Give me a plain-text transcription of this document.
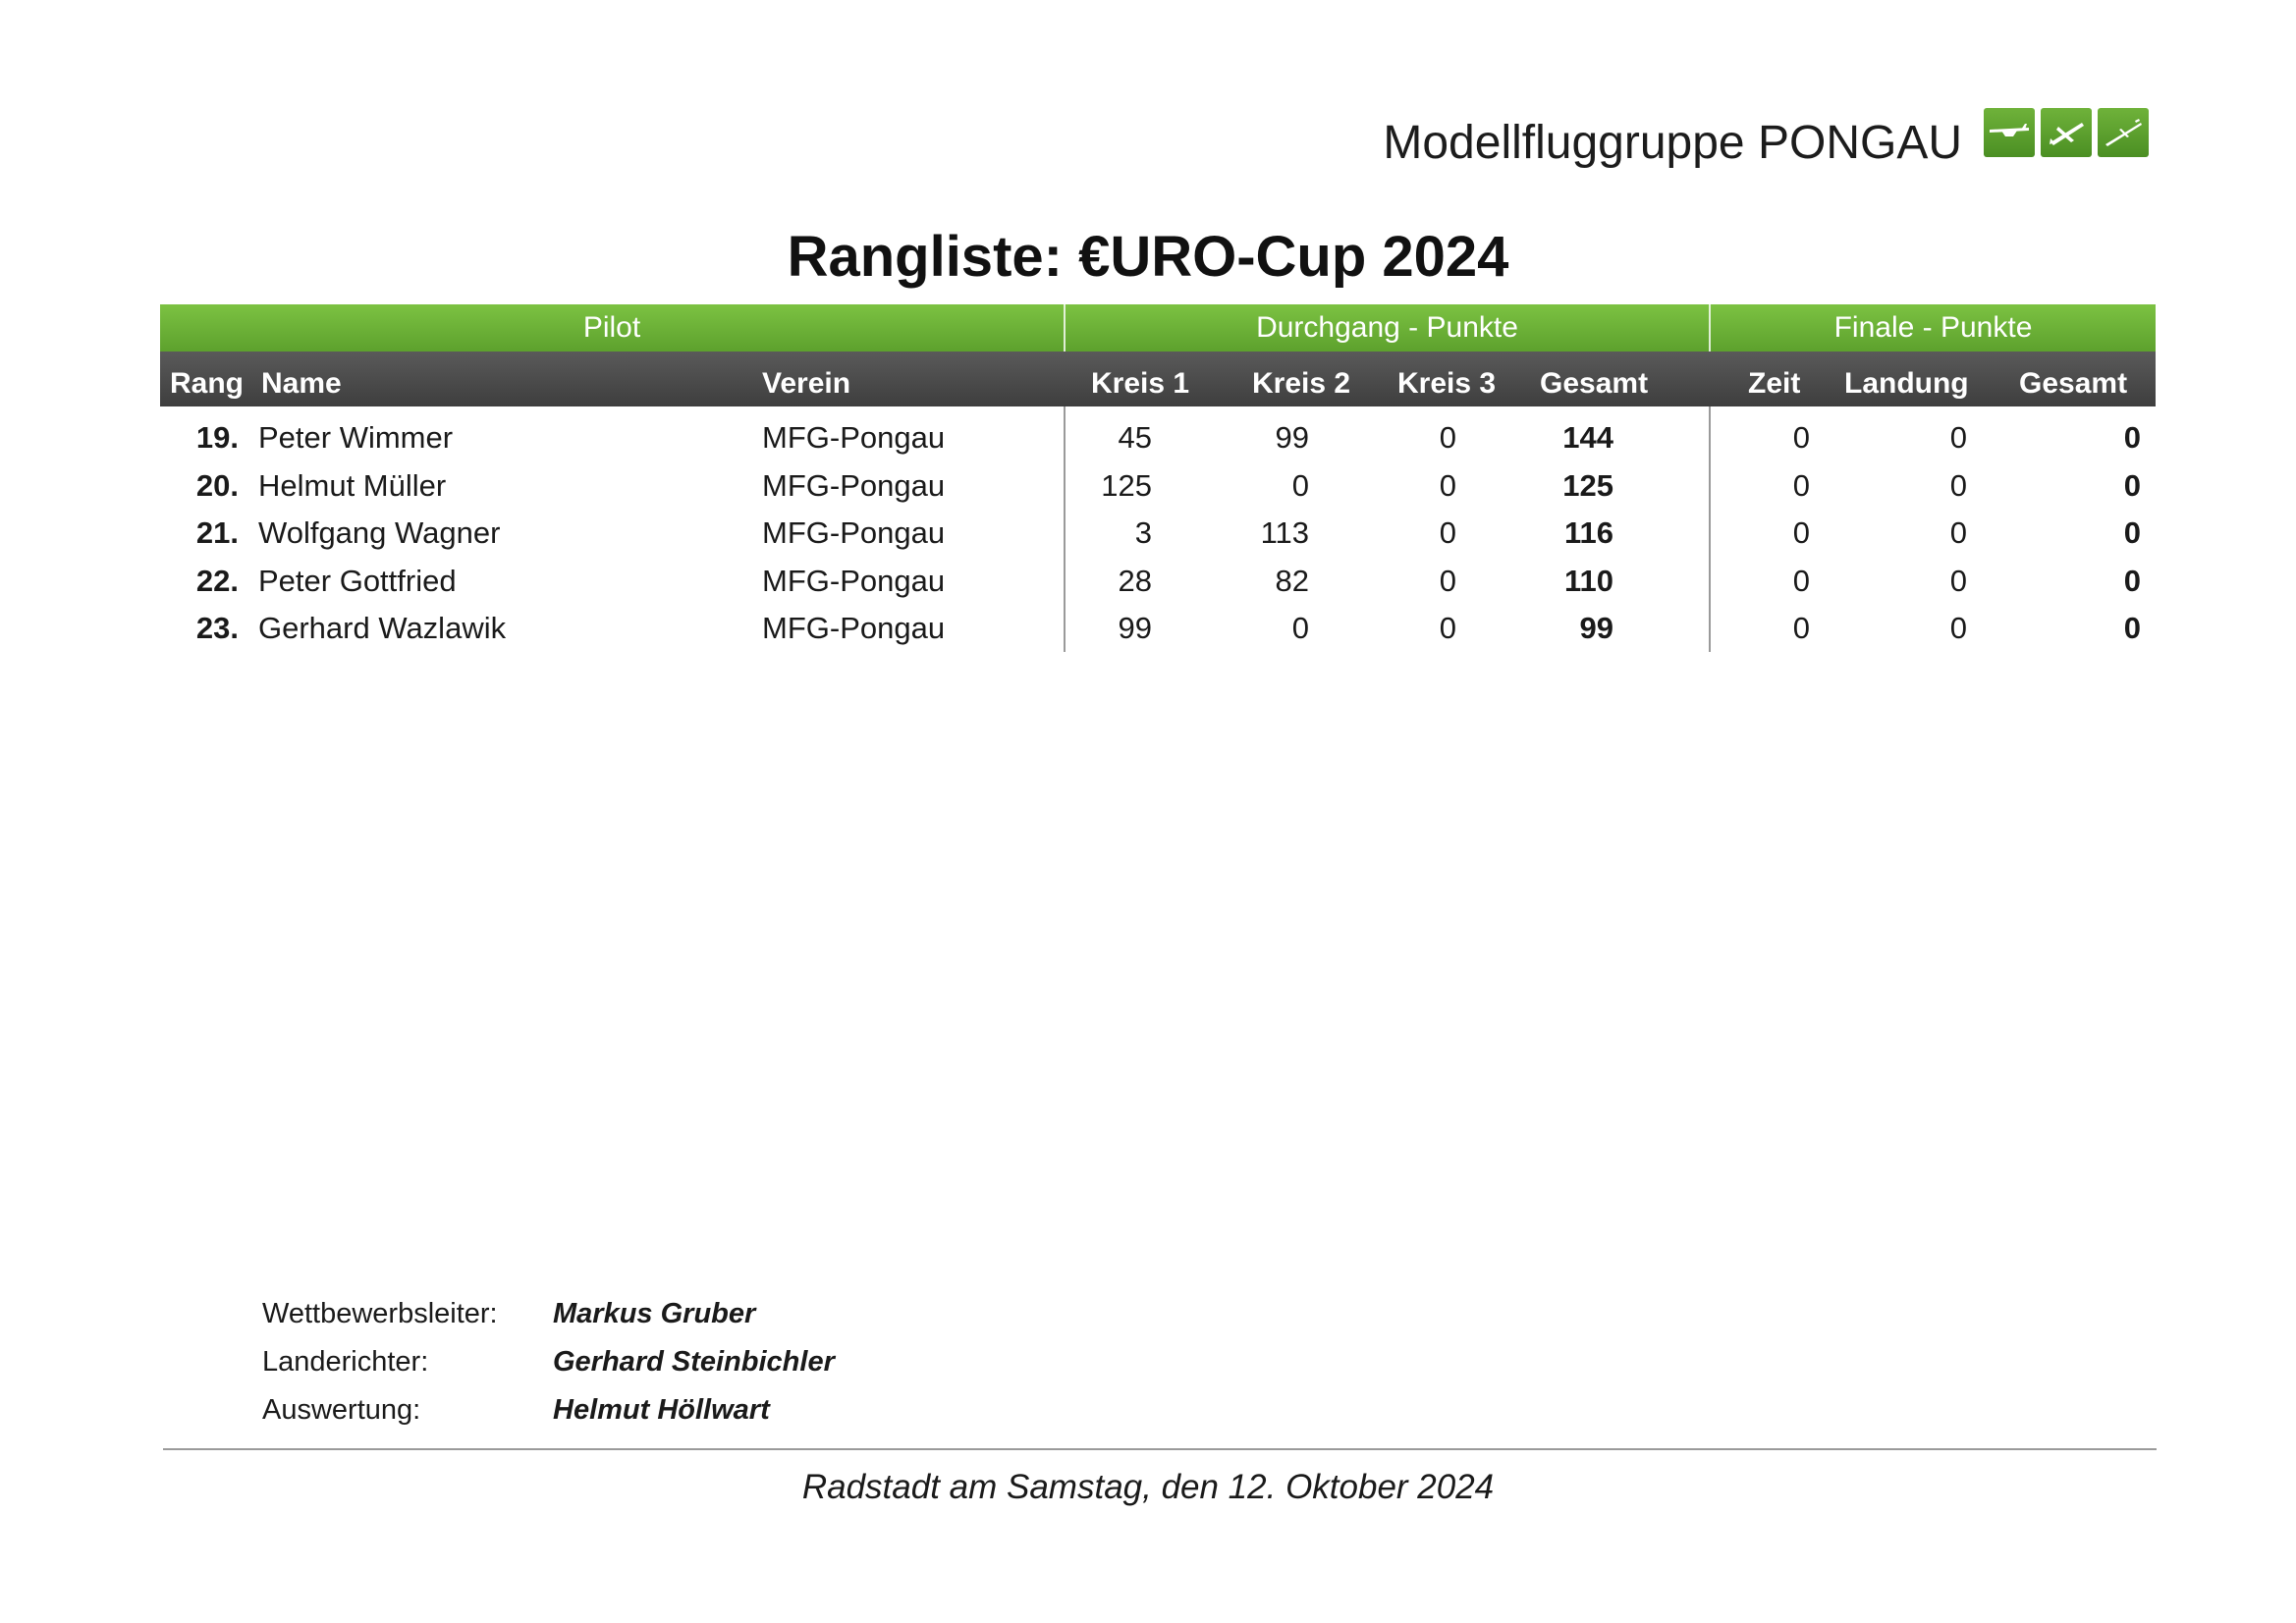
Modellfluggruppe PONGAU
Rangliste: €URO-Cup 2024
Pilot	Durchgang - Punkte	Finale - Punkte
Rang Name	Verein	Kreis 1 Kreis 2 Kreis 3 Gesamt	Zeit Landung Gesamt
19. Peter Wimmer	MFG-Pongau	45	99	0	144	0	0	0
20. Helmut Müller	MFG-Pongau	125	0	0	125	0	0	0
21. Wolfgang Wagner	MFG-Pongau	3	113	0	116	0	0	0
22. Peter Gottfried	MFG-Pongau	28	82	0	110	0	0	0
23. Gerhard Wazlawik	MFG-Pongau	99	0	0	99	0	0	0
Wettbewerbsleiter: Markus Gruber
Landerichter:	Gerhard Steinbichler
Auswertung:	Helmut Höllwart
Radstadt am Samstag, den 12. Oktober 2024
